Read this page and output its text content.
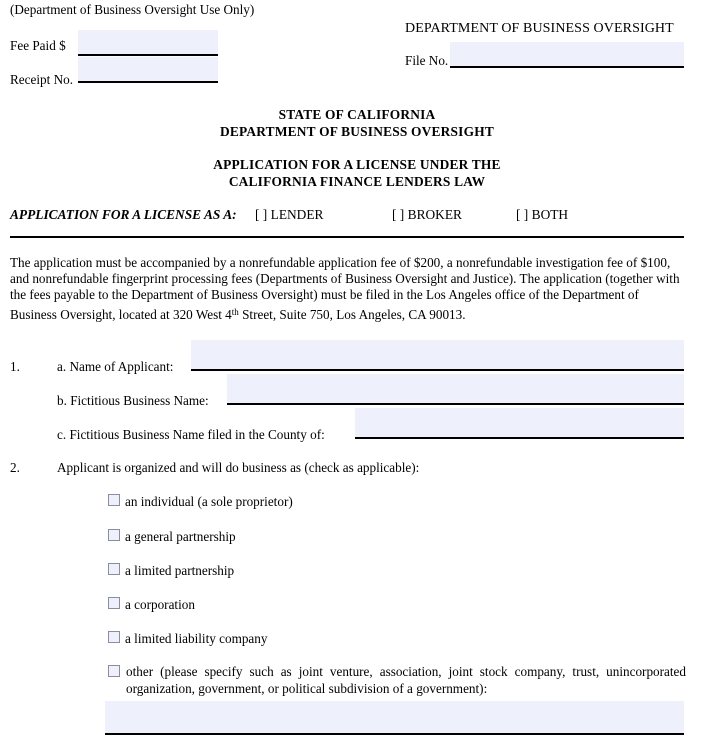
(Department of Business Oversight Use Only)
DEPARTMENT OF BUSINESS OVERSIGHT
Fee Paid $
Receipt No.
File No.
STATE OF CALIFORNIA
DEPARTMENT OF BUSINESS OVERSIGHT
APPLICATION FOR A LICENSE UNDER THE
CALIFORNIA FINANCE LENDERS LAW
APPLICATION FOR A LICENSE AS A: [ ] LENDER	[ ] BROKER	[ ] BOTH
The application must be accompanied by a nonrefundable application fee of $200, a nonrefundable investigation fee of $100, and nonrefundable fingerprint processing fees (Departments of Business Oversight and Justice). The application (together with the fees payable to the Department of Business Oversight) must be filed in the Los Angeles office of the Department of Business Oversight, located at 320 West 4th Street, Suite 750, Los Angeles, CA 90013.
1.	a. Name of Applicant:
b. Fictitious Business Name:
c. Fictitious Business Name filed in the County of:
2.	Applicant is organized and will do business as (check as applicable):
an individual (a sole proprietor)
a general partnership
a limited partnership
a corporation
a limited liability company
other (please specify such as joint venture, association, joint stock company, trust, unincorporated organization, government, or political subdivision of a government):
